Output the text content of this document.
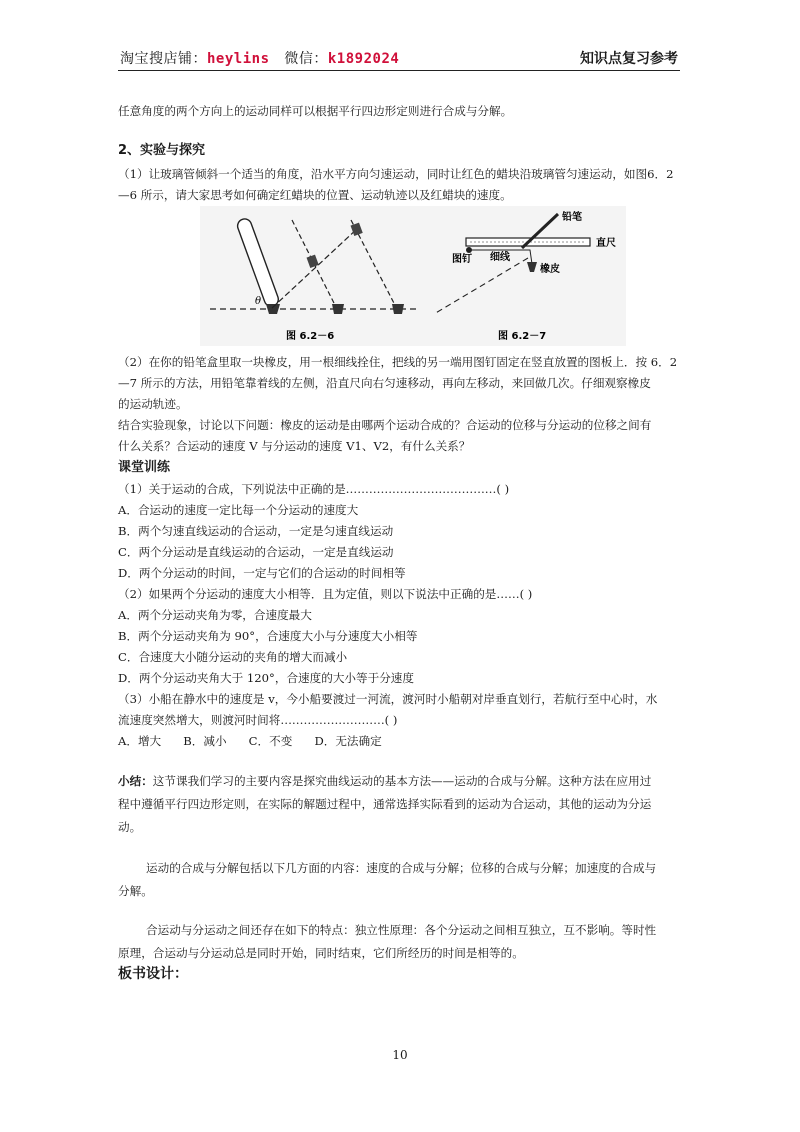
淘宝搜店铺：heylins 微信：k1892024	知识点复习参考
任意角度的两个方向上的运动同样可以根据平行四边形定则进行合成与分解。
2、实验与探究
（1）让玻璃管倾斜一个适当的角度，沿水平方向匀速运动，同时让红色的蜡块沿玻璃管匀速运动，如图6．2
—6 所示，请大家思考如何确定红蜡块的位置、运动轨迹以及红蜡块的速度。
θ
图 6.2－6
铅笔
直尺
图钉 细线
橡皮
图 6.2－7
（2）在你的铅笔盒里取一块橡皮，用一根细线拴住，把线的另一端用图钉固定在竖直放置的图板上．按 6．2
—7 所示的方法，用铅笔靠着线的左侧，沿直尺向右匀速移动，再向左移动，来回做几次。仔细观察橡皮
的运动轨迹。
结合实验现象，讨论以下问题：橡皮的运动是由哪两个运动合成的？合运动的位移与分运动的位移之间有
什么关系？合运动的速度 V 与分运动的速度 V1、V2，有什么关系？
课堂训练
（1）关于运动的合成，下列说法中正确的是…………………………………( )
A．合运动的速度一定比每一个分运动的速度大
B．两个匀速直线运动的合运动，一定是匀速直线运动
C．两个分运动是直线运动的合运动，一定是直线运动
D．两个分运动的时间，一定与它们的合运动的时间相等
（2）如果两个分运动的速度大小相等．且为定值，则以下说法中正确的是……( )
A．两个分运动夹角为零，合速度最大
B．两个分运动夹角为 90°，合速度大小与分速度大小相等
C．合速度大小随分运动的夹角的增大而减小
D．两个分运动夹角大于 120°，合速度的大小等于分速度
（3）小船在静水中的速度是 v，今小船要渡过一河流，渡河时小船朝对岸垂直划行，若航行至中心时，水
流速度突然增大，则渡河时间将………………………( )
A．增大      B．减小      C．不变      D．无法确定
小结：这节课我们学习的主要内容是探究曲线运动的基本方法——运动的合成与分解。这种方法在应用过
程中遵循平行四边形定则，在实际的解题过程中，通常选择实际看到的运动为合运动，其他的运动为分运
动。
运动的合成与分解包括以下几方面的内容：速度的合成与分解；位移的合成与分解；加速度的合成与
分解。
合运动与分运动之间还存在如下的特点：独立性原理：各个分运动之间相互独立，互不影响。等时性
原理，合运动与分运动总是同时开始，同时结束，它们所经历的时间是相等的。
板书设计：
10
